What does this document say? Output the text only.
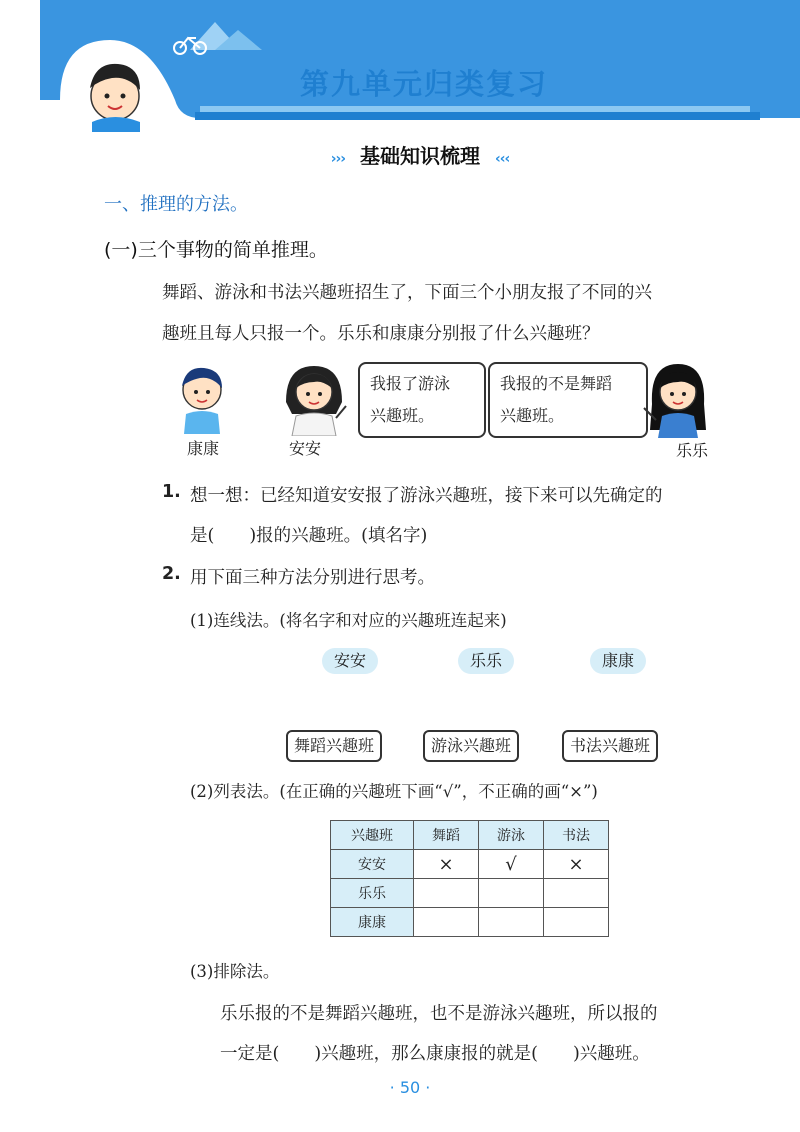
第九单元归类复习
››› 基础知识梳理 ‹‹‹
一、推理的方法。
(一)三个事物的简单推理。
舞蹈、游泳和书法兴趣班招生了，下面三个小朋友报了不同的兴
趣班且每人只报一个。乐乐和康康分别报了什么兴趣班？
康康	安安
我报了游泳
兴趣班。
我报的不是舞蹈
兴趣班。
乐乐
1. 想一想：已经知道安安报了游泳兴趣班，接下来可以先确定的
是(　　)报的兴趣班。(填名字)
2. 用下面三种方法分别进行思考。
(1)连线法。(将名字和对应的兴趣班连起来)
安安	乐乐	康康
舞蹈兴趣班	游泳兴趣班	书法兴趣班
(2)列表法。(在正确的兴趣班下画“√”，不正确的画“×”)
兴趣班	舞蹈	游泳	书法
安安	×	√	×
乐乐			
康康			
(3)排除法。
乐乐报的不是舞蹈兴趣班，也不是游泳兴趣班，所以报的
一定是(　　)兴趣班，那么康康报的就是(　　)兴趣班。
· 50 ·
